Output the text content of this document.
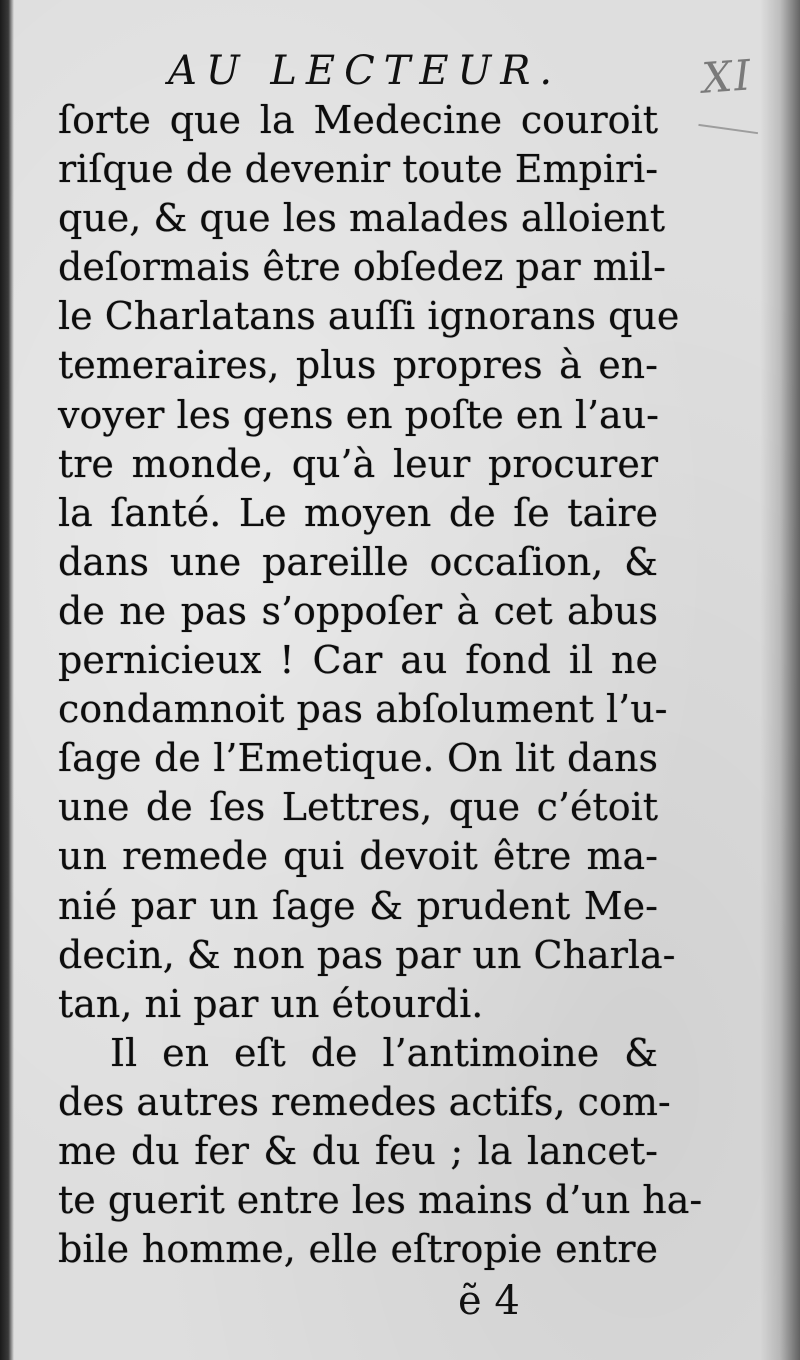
AU LECTEUR.	XI
ſorte que la Medecine couroit
riſque de devenir toute Empiri-
que, & que les malades alloient
deſormais être obſedez par mil-
le Charlatans auſſi ignorans que
temeraires, plus propres à en-
voyer les gens en poſte en l’au-
tre monde, qu’à leur procurer
la ſanté. Le moyen de ſe taire
dans une pareille occaſion, &
de ne pas s’oppoſer à cet abus
pernicieux ! Car au fond il ne
condamnoit pas abſolument l’u-
ſage de l’Emetique. On lit dans
une de ſes Lettres, que c’étoit
un remede qui devoit être ma-
nié par un ſage & prudent Me-
decin, & non pas par un Charla-
tan, ni par un étourdi.
Il en eſt de l’antimoine &
des autres remedes actifs, com-
me du fer & du feu ; la lancet-
te guerit entre les mains d’un ha-
bile homme, elle eſtropie entre
ẽ 4
